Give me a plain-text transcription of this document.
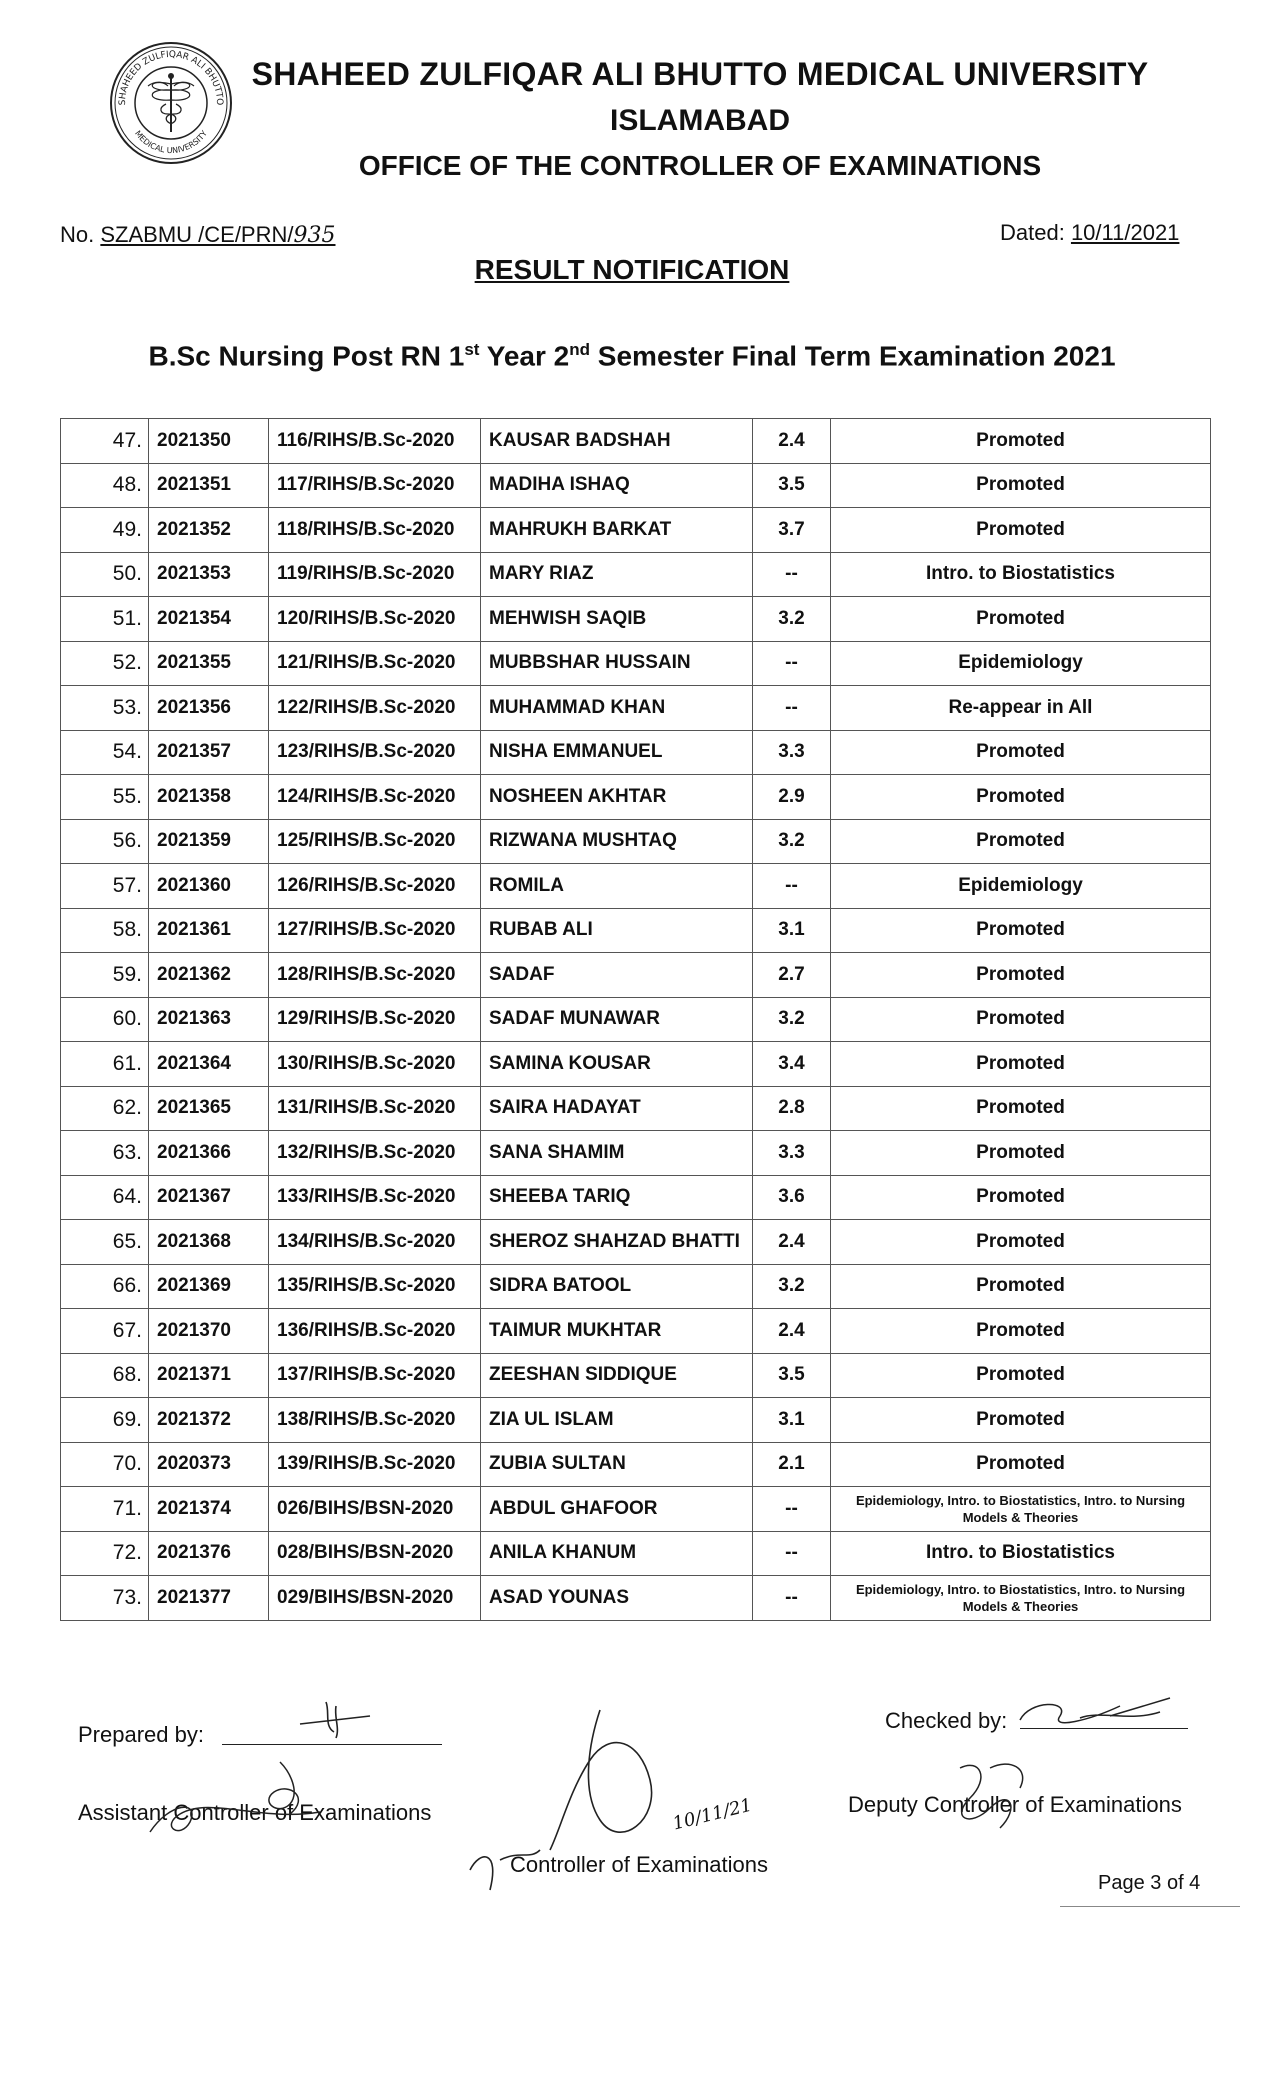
SHAHEED ZULFIQAR ALI BHUTTO
MEDICAL UNIVERSITY
SHAHEED ZULFIQAR ALI BHUTTO MEDICAL UNIVERSITY
ISLAMABAD
OFFICE OF THE CONTROLLER OF EXAMINATIONS
No. SZABMU /CE/PRN/935	Dated: 10/11/2021
RESULT NOTIFICATION
B.Sc Nursing Post RN 1st Year 2nd Semester Final Term Examination 2021
47.	2021350	116/RIHS/B.Sc-2020	KAUSAR BADSHAH	2.4	Promoted
48.	2021351	117/RIHS/B.Sc-2020	MADIHA ISHAQ	3.5	Promoted
49.	2021352	118/RIHS/B.Sc-2020	MAHRUKH BARKAT	3.7	Promoted
50.	2021353	119/RIHS/B.Sc-2020	MARY RIAZ	--	Intro. to Biostatistics
51.	2021354	120/RIHS/B.Sc-2020	MEHWISH SAQIB	3.2	Promoted
52.	2021355	121/RIHS/B.Sc-2020	MUBBSHAR HUSSAIN	--	Epidemiology
53.	2021356	122/RIHS/B.Sc-2020	MUHAMMAD KHAN	--	Re-appear in All
54.	2021357	123/RIHS/B.Sc-2020	NISHA EMMANUEL	3.3	Promoted
55.	2021358	124/RIHS/B.Sc-2020	NOSHEEN AKHTAR	2.9	Promoted
56.	2021359	125/RIHS/B.Sc-2020	RIZWANA MUSHTAQ	3.2	Promoted
57.	2021360	126/RIHS/B.Sc-2020	ROMILA	--	Epidemiology
58.	2021361	127/RIHS/B.Sc-2020	RUBAB ALI	3.1	Promoted
59.	2021362	128/RIHS/B.Sc-2020	SADAF	2.7	Promoted
60.	2021363	129/RIHS/B.Sc-2020	SADAF MUNAWAR	3.2	Promoted
61.	2021364	130/RIHS/B.Sc-2020	SAMINA KOUSAR	3.4	Promoted
62.	2021365	131/RIHS/B.Sc-2020	SAIRA HADAYAT	2.8	Promoted
63.	2021366	132/RIHS/B.Sc-2020	SANA SHAMIM	3.3	Promoted
64.	2021367	133/RIHS/B.Sc-2020	SHEEBA TARIQ	3.6	Promoted
65.	2021368	134/RIHS/B.Sc-2020	SHEROZ SHAHZAD BHATTI	2.4	Promoted
66.	2021369	135/RIHS/B.Sc-2020	SIDRA BATOOL	3.2	Promoted
67.	2021370	136/RIHS/B.Sc-2020	TAIMUR MUKHTAR	2.4	Promoted
68.	2021371	137/RIHS/B.Sc-2020	ZEESHAN SIDDIQUE	3.5	Promoted
69.	2021372	138/RIHS/B.Sc-2020	ZIA UL ISLAM	3.1	Promoted
70.	2020373	139/RIHS/B.Sc-2020	ZUBIA SULTAN	2.1	Promoted
71.	2021374	026/BIHS/BSN-2020	ABDUL GHAFOOR	--	Epidemiology, Intro. to Biostatistics, Intro. to Nursing Models & Theories
72.	2021376	028/BIHS/BSN-2020	ANILA KHANUM	--	Intro. to Biostatistics
73.	2021377	029/BIHS/BSN-2020	ASAD YOUNAS	--	Epidemiology, Intro. to Biostatistics, Intro. to Nursing Models & Theories
Prepared by:
Assistant Controller of Examinations	10/11/21
Controller of Examinations
Checked by:
Deputy Controller of Examinations
Page 3 of 4
